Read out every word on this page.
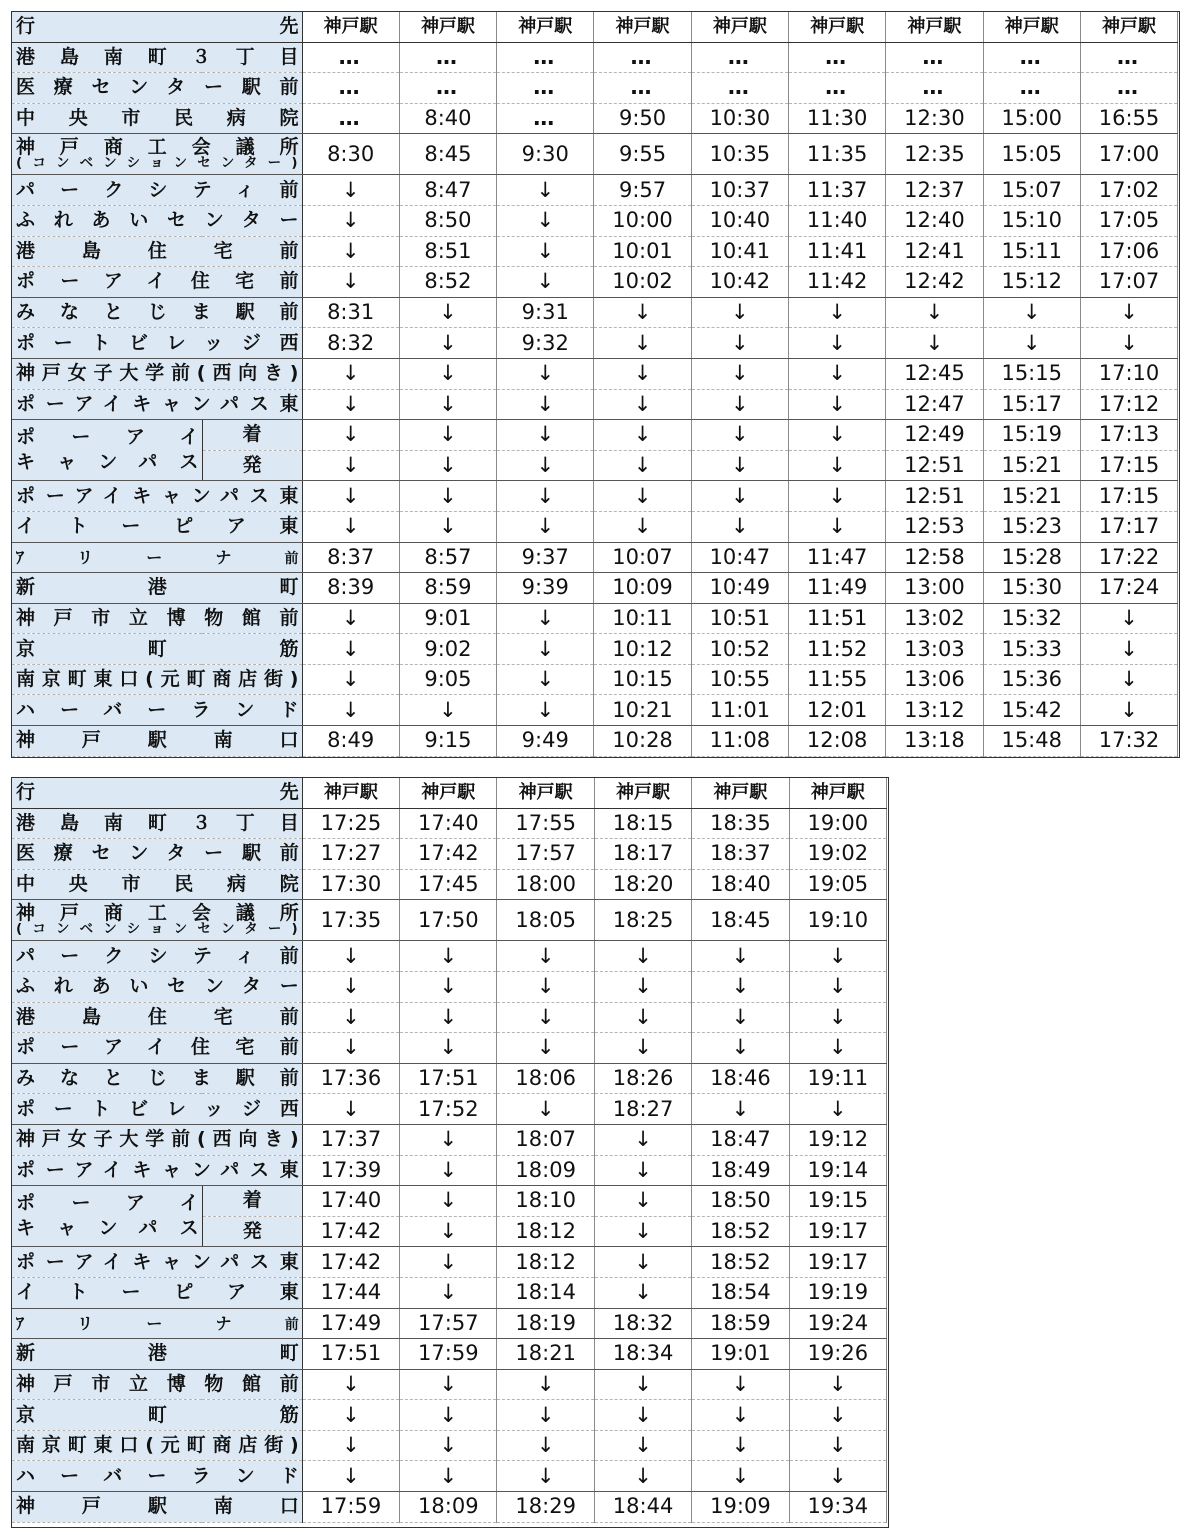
行 先		神戸駅	神戸駅	神戸駅	神戸駅	神戸駅	神戸駅	神戸駅	神戸駅	神戸駅

港島南町３丁目		…	…	…	…	…	…	…	…	…

医療センター駅前		…	…	…	…	…	…	…	…	…

中央市民病院		…	8:40	…	9:50	10:30	11:30	12:30	15:00	16:55

神戸商工会議所
(コンベンションセンター)		8:30	8:45	9:30	9:55	10:35	11:35	12:35	15:05	17:00

パークシティ前		↓	8:47	↓	9:57	10:37	11:37	12:37	15:07	17:02

ふれあいセンター		↓	8:50	↓	10:00	10:40	11:40	12:40	15:10	17:05

港島住宅前		↓	8:51	↓	10:01	10:41	11:41	12:41	15:11	17:06

ポーアイ住宅前		↓	8:52	↓	10:02	10:42	11:42	12:42	15:12	17:07

みなとじま駅前		8:31	↓	9:31	↓	↓	↓	↓	↓	↓

ポートビレッジ西		8:32	↓	9:32	↓	↓	↓	↓	↓	↓

神戸女子大学前(西向き)		↓	↓	↓	↓	↓	↓	12:45	15:15	17:10

ポーアイキャンパス東		↓	↓	↓	↓	↓	↓	12:47	15:17	17:12

ポーアイ
キャンパス	着	↓	↓	↓	↓	↓	↓	12:49	15:19	17:13
	発	↓	↓	↓	↓	↓	↓	12:51	15:21	17:15

ポーアイキャンパス東		↓	↓	↓	↓	↓	↓	12:51	15:21	17:15

イトーピア東		↓	↓	↓	↓	↓	↓	12:53	15:23	17:17

ｱリーナ前		8:37	8:57	9:37	10:07	10:47	11:47	12:58	15:28	17:22

新港町		8:39	8:59	9:39	10:09	10:49	11:49	13:00	15:30	17:24

神戸市立博物館前		↓	9:01	↓	10:11	10:51	11:51	13:02	15:32	↓

京町筋		↓	9:02	↓	10:12	10:52	11:52	13:03	15:33	↓

南京町東口(元町商店街)		↓	9:05	↓	10:15	10:55	11:55	13:06	15:36	↓

ハーバーランド		↓	↓	↓	10:21	11:01	12:01	13:12	15:42	↓

神戸駅南口		8:49	9:15	9:49	10:28	11:08	12:08	13:18	15:48	17:32
行 先		神戸駅	神戸駅	神戸駅	神戸駅	神戸駅	神戸駅

港島南町３丁目		17:25	17:40	17:55	18:15	18:35	19:00

医療センター駅前		17:27	17:42	17:57	18:17	18:37	19:02

中央市民病院		17:30	17:45	18:00	18:20	18:40	19:05

神戸商工会議所
(コンベンションセンター)		17:35	17:50	18:05	18:25	18:45	19:10

パークシティ前		↓	↓	↓	↓	↓	↓

ふれあいセンター		↓	↓	↓	↓	↓	↓

港島住宅前		↓	↓	↓	↓	↓	↓

ポーアイ住宅前		↓	↓	↓	↓	↓	↓

みなとじま駅前		17:36	17:51	18:06	18:26	18:46	19:11

ポートビレッジ西		↓	17:52	↓	18:27	↓	↓

神戸女子大学前(西向き)		17:37	↓	18:07	↓	18:47	19:12

ポーアイキャンパス東		17:39	↓	18:09	↓	18:49	19:14

ポーアイ
キャンパス	着	17:40	↓	18:10	↓	18:50	19:15
	発	17:42	↓	18:12	↓	18:52	19:17

ポーアイキャンパス東		17:42	↓	18:12	↓	18:52	19:17

イトーピア東		17:44	↓	18:14	↓	18:54	19:19

ｱリーナ前		17:49	17:57	18:19	18:32	18:59	19:24

新港町		17:51	17:59	18:21	18:34	19:01	19:26

神戸市立博物館前		↓	↓	↓	↓	↓	↓

京町筋		↓	↓	↓	↓	↓	↓

南京町東口(元町商店街)		↓	↓	↓	↓	↓	↓

ハーバーランド		↓	↓	↓	↓	↓	↓

神戸駅南口		17:59	18:09	18:29	18:44	19:09	19:34
